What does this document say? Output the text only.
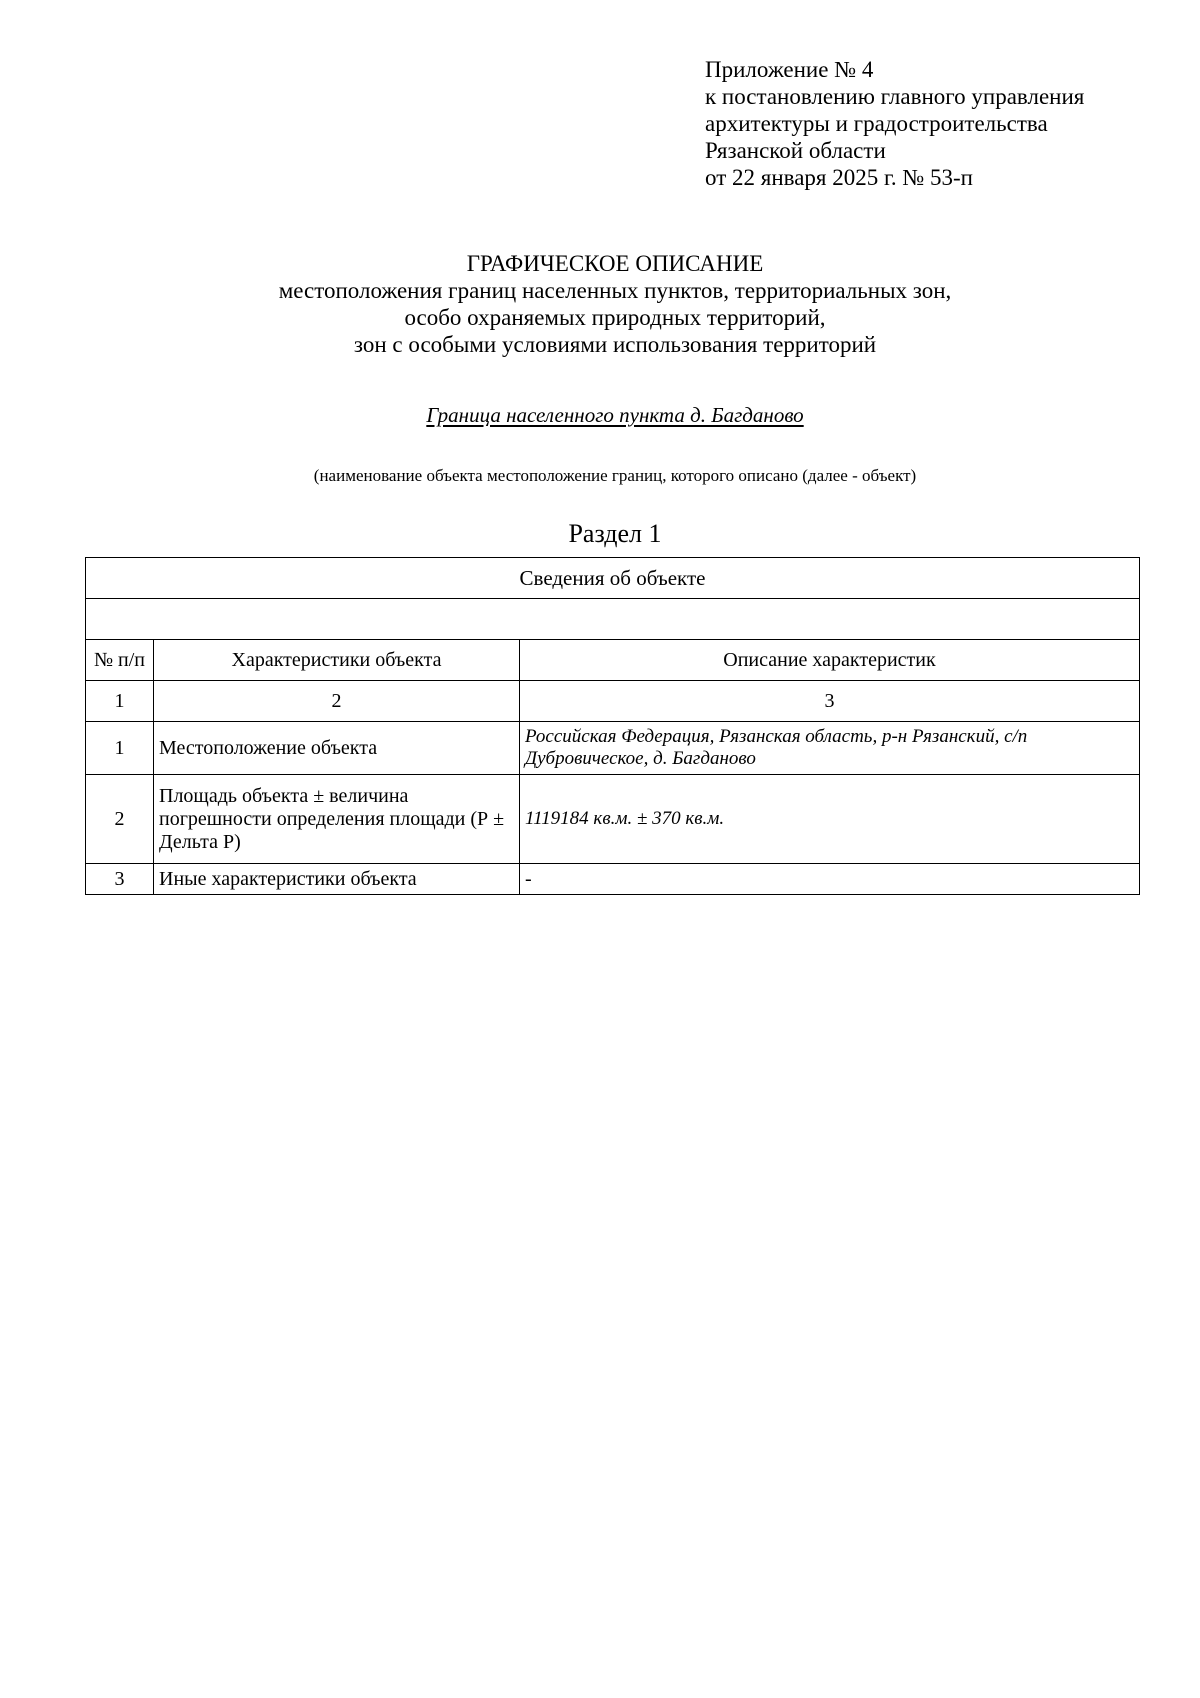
Приложение № 4
к постановлению главного управления
архитектуры и градостроительства
Рязанской области
от 22 января 2025 г. № 53-п
ГРАФИЧЕСКОЕ ОПИСАНИЕ
местоположения границ населенных пунктов, территориальных зон,
особо охраняемых природных территорий,
зон с особыми условиями использования территорий
Граница населенного пункта д. Багданово
(наименование объекта местоположение границ, которого описано (далее - объект)
Раздел 1
Сведения об объекте		

№ п/п	Характеристики объекта	Описание характеристик
1	2	3
1	Местоположение объекта	Российская Федерация, Рязанская область, р-н Рязанский, с/п Дубровическое, д. Багданово
2	Площадь объекта ± величина погрешности определения площади (Р ± Дельта Р)	1119184 кв.м. ± 370 кв.м.
3	Иные характеристики объекта	-
